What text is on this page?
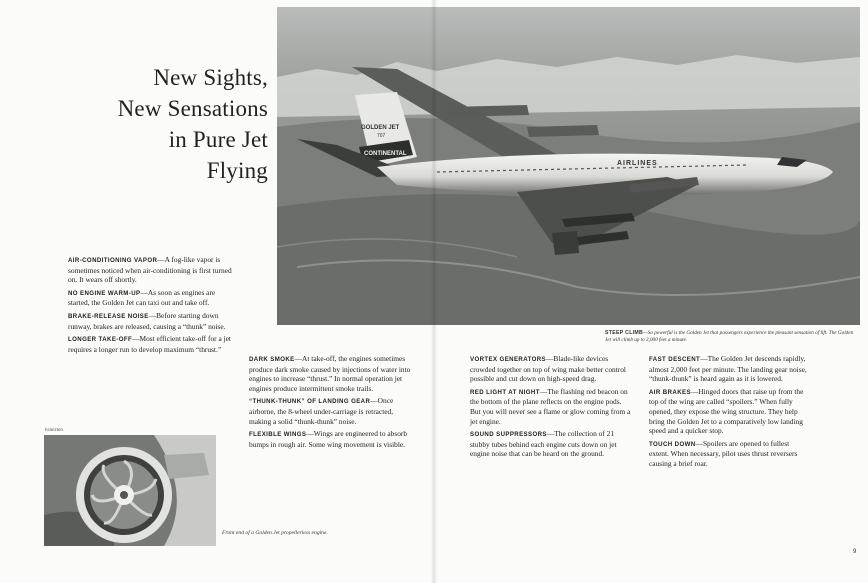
New Sights,
New Sensations
in Pure Jet
Flying
GOLDEN JET
707
CONTINENTAL
AIRLINES
STEEP CLIMB—So powerful is the Golden Jet that passengers experience the pleasant sensation of lift. The Golden Jet will climb up to 3,000 feet a minute.
AIR-CONDITIONING VAPOR—A fog-like vapor is sometimes noticed when air-conditioning is first turned on. It wears off shortly.
NO ENGINE WARM-UP—As soon as engines are started, the Golden Jet can taxi out and take off.
BRAKE-RELEASE NOISE—Before starting down runway, brakes are released, causing a “thunk” noise.
LONGER TAKE-OFF—Most efficient take-off for a jet requires a longer run to develop maximum “thrust.”
DARK SMOKE—At take-off, the engines sometimes produce dark smoke caused by injections of water into engines to increase “thrust.” In normal operation jet engines produce intermittent smoke trails.
“THUNK-THUNK” OF LANDING GEAR—Once airborne, the 8-wheel under-carriage is retracted, making a solid “thunk-thunk” noise.
FLEXIBLE WINGS—Wings are engineered to absorb bumps in rough air. Some wing movement is visible.
VORTEX GENERATORS—Blade-like devices crowded together on top of wing make better control possible and cut down on high-speed drag.
RED LIGHT AT NIGHT—The flashing red beacon on the bottom of the plane reflects on the engine pods. But you will never see a flame or glow coming from a jet engine.
SOUND SUPPRESSORS—The collection of 21 stubby tubes behind each engine cuts down on jet engine noise that can be heard on the ground.
FAST DESCENT—The Golden Jet descends rapidly, almost 2,000 feet per minute. The landing gear noise, “thunk-thunk” is heard again as it is lowered.
AIR BRAKES—Hinged doors that raise up from the top of the wing are called “spoilers.” When fully opened, they expose the wing structure. They help bring the Golden Jet to a comparatively low landing speed and a quicker stop.
TOUCH DOWN—Spoilers are opened to fullest extent. When necessary, pilot uses thrust reversers causing a brief roar.
Kranzten
Front end of a Golden Jet propellerless engine.
9
